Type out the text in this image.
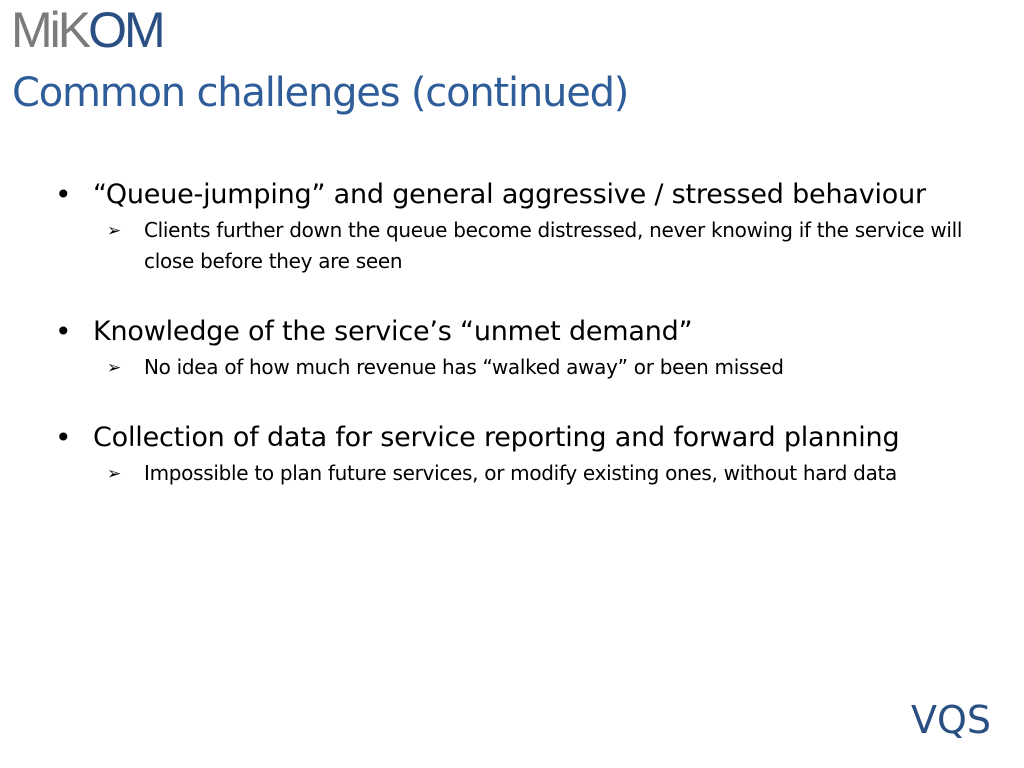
MiKOM
Common challenges (continued)
• “Queue-jumping” and general aggressive / stressed behaviour
➢ Clients further down the queue become distressed, never knowing if the service will close before they are seen
• Knowledge of the service’s “unmet demand”
➢ No idea of how much revenue has “walked away” or been missed
• Collection of data for service reporting and forward planning
➢ Impossible to plan future services, or modify existing ones, without hard data
VQS
